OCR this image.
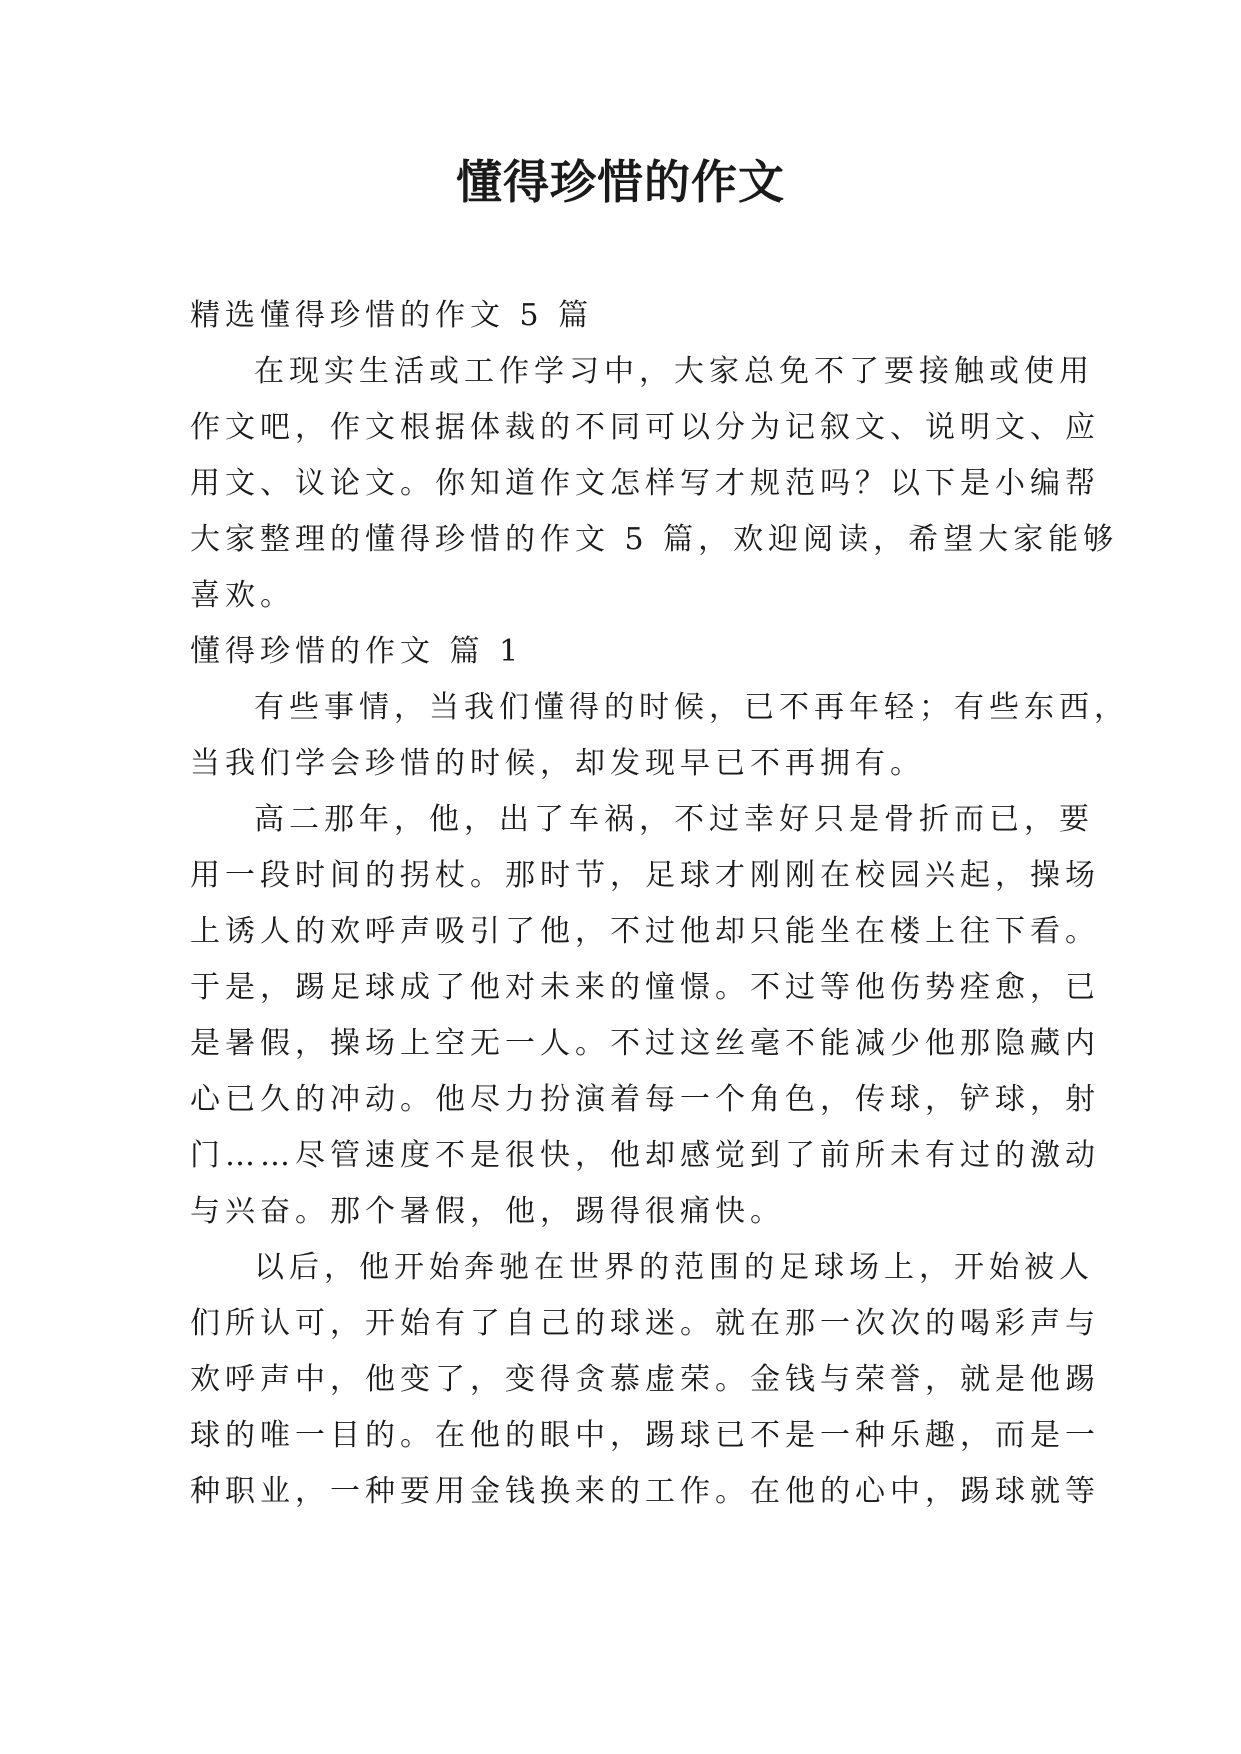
懂得珍惜的作文
精选懂得珍惜的作文 5 篇
在现实生活或工作学习中，大家总免不了要接触或使用
作文吧，作文根据体裁的不同可以分为记叙文、说明文、应
用文、议论文。你知道作文怎样写才规范吗？以下是小编帮
大家整理的懂得珍惜的作文 5 篇，欢迎阅读，希望大家能够
喜欢。
懂得珍惜的作文 篇 1
有些事情，当我们懂得的时候，已不再年轻；有些东西，
当我们学会珍惜的时候，却发现早已不再拥有。
高二那年，他，出了车祸，不过幸好只是骨折而已，要
用一段时间的拐杖。那时节，足球才刚刚在校园兴起，操场
上诱人的欢呼声吸引了他，不过他却只能坐在楼上往下看。
于是，踢足球成了他对未来的憧憬。不过等他伤势痊愈，已
是暑假，操场上空无一人。不过这丝毫不能减少他那隐藏内
心已久的冲动。他尽力扮演着每一个角色，传球，铲球，射
门……尽管速度不是很快，他却感觉到了前所未有过的激动
与兴奋。那个暑假，他，踢得很痛快。
以后，他开始奔驰在世界的范围的足球场上，开始被人
们所认可，开始有了自己的球迷。就在那一次次的喝彩声与
欢呼声中，他变了，变得贪慕虚荣。金钱与荣誉，就是他踢
球的唯一目的。在他的眼中，踢球已不是一种乐趣，而是一
种职业，一种要用金钱换来的工作。在他的心中，踢球就等
